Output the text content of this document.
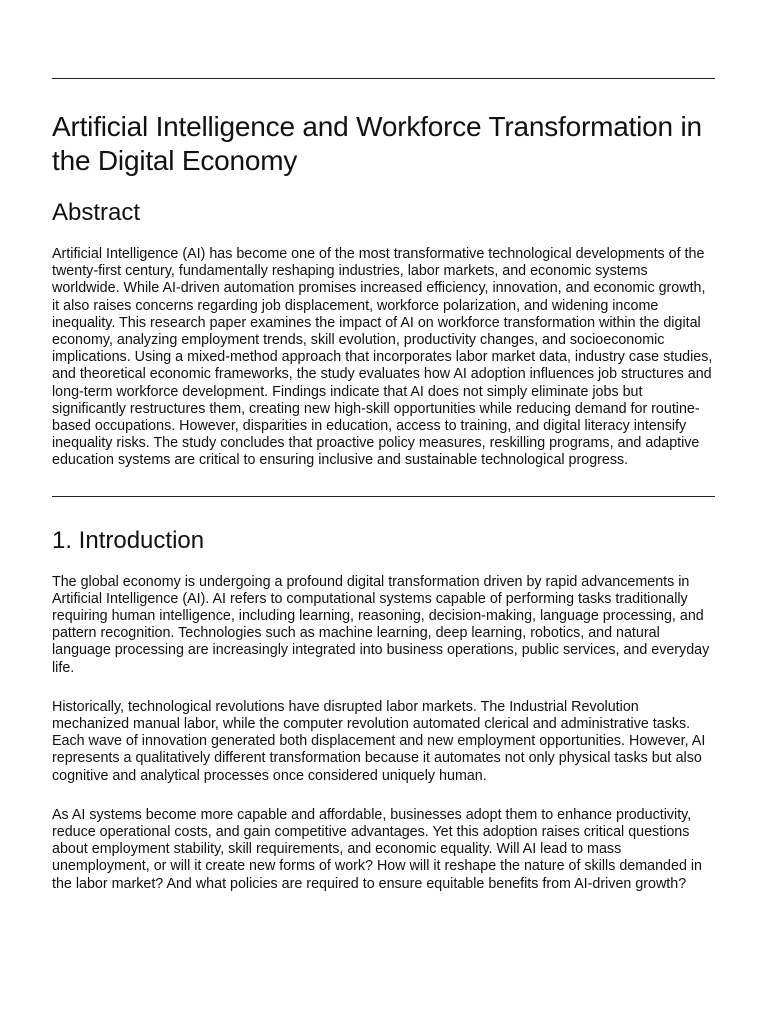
Artificial Intelligence and Workforce Transformation in the Digital Economy
Abstract

Artificial Intelligence (AI) has become one of the most transformative technological developments of the twenty-first century, fundamentally reshaping industries, labor markets, and economic systems worldwide. While AI-driven automation promises increased efficiency, innovation, and economic growth, it also raises concerns regarding job displacement, workforce polarization, and widening income inequality. This research paper examines the impact of AI on workforce transformation within the digital economy, analyzing employment trends, skill evolution, productivity changes, and socioeconomic implications. Using a mixed-method approach that incorporates labor market data, industry case studies, and theoretical economic frameworks, the study evaluates how AI adoption influences job structures and long-term workforce development. Findings indicate that AI does not simply eliminate jobs but significantly restructures them, creating new high-skill opportunities while reducing demand for routine-based occupations. However, disparities in education, access to training, and digital literacy intensify inequality risks. The study concludes that proactive policy measures, reskilling programs, and adaptive education systems are critical to ensuring inclusive and sustainable technological progress.

1. Introduction

The global economy is undergoing a profound digital transformation driven by rapid advancements in Artificial Intelligence (AI). AI refers to computational systems capable of performing tasks traditionally requiring human intelligence, including learning, reasoning, decision-making, language processing, and pattern recognition. Technologies such as machine learning, deep learning, robotics, and natural language processing are increasingly integrated into business operations, public services, and everyday life.

Historically, technological revolutions have disrupted labor markets. The Industrial Revolution mechanized manual labor, while the computer revolution automated clerical and administrative tasks. Each wave of innovation generated both displacement and new employment opportunities. However, AI represents a qualitatively different transformation because it automates not only physical tasks but also cognitive and analytical processes once considered uniquely human.

As AI systems become more capable and affordable, businesses adopt them to enhance productivity, reduce operational costs, and gain competitive advantages. Yet this adoption raises critical questions about employment stability, skill requirements, and economic equality. Will AI lead to mass unemployment, or will it create new forms of work? How will it reshape the nature of skills demanded in the labor market? And what policies are required to ensure equitable benefits from AI-driven growth?
